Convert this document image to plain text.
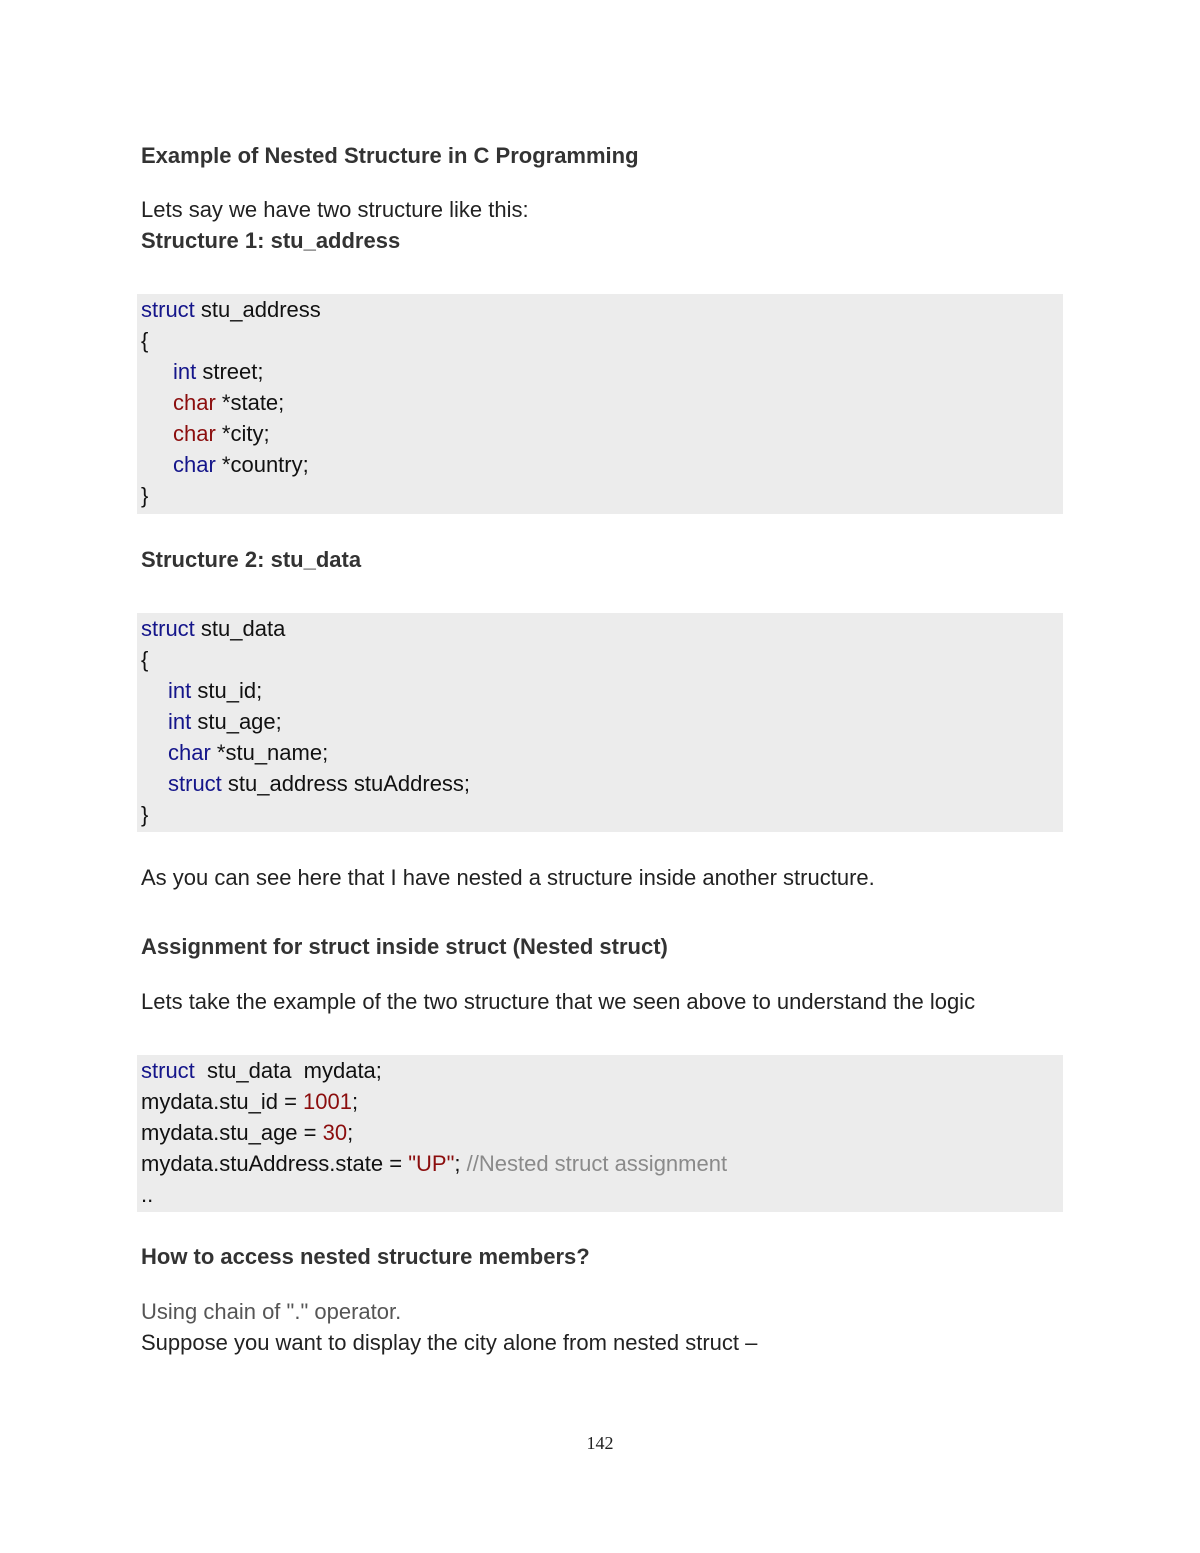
Example of Nested Structure in C Programming
Lets say we have two structure like this:
Structure 1: stu_address
struct stu_address
{
int street;
char *state;
char *city;
char *country;
}
Structure 2: stu_data
struct stu_data
{
int stu_id;
int stu_age;
char *stu_name;
struct stu_address stuAddress;
}
As you can see here that I have nested a structure inside another structure.
Assignment for struct inside struct (Nested struct)
Lets take the example of the two structure that we seen above to understand the logic
struct  stu_data  mydata;
mydata.stu_id = 1001;
mydata.stu_age = 30;
mydata.stuAddress.state = "UP"; //Nested struct assignment
..
How to access nested structure members?
Using chain of "." operator.
Suppose you want to display the city alone from nested struct –
142
